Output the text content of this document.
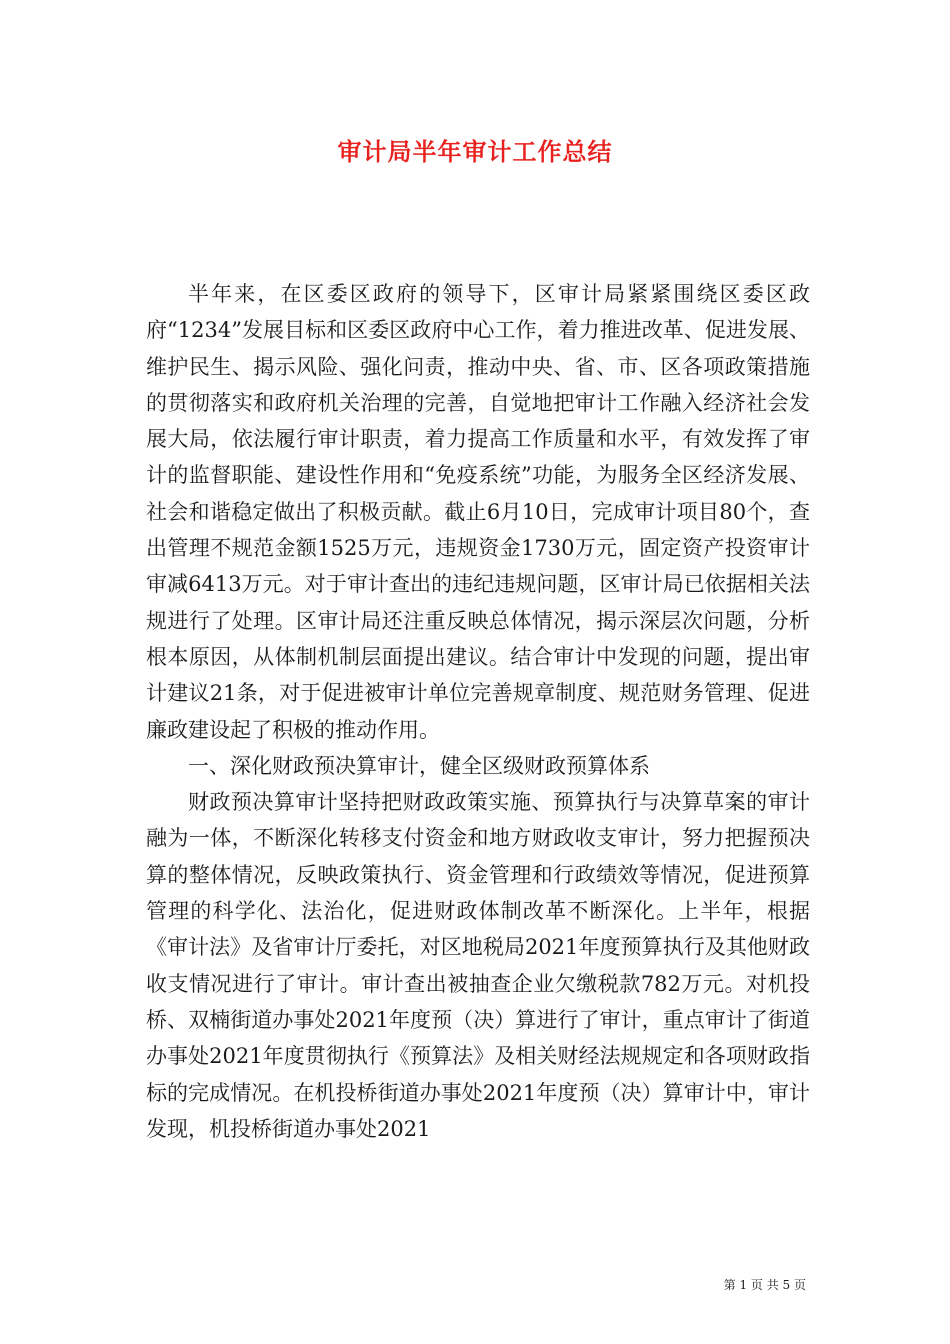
审计局半年审计工作总结

半年来，在区委区政府的领导下，区审计局紧紧围绕区委区政府“1234”发展目标和区委区政府中心工作，着力推进改革、促进发展、维护民生、揭示风险、强化问责，推动中央、省、市、区各项政策措施的贯彻落实和政府机关治理的完善，自觉地把审计工作融入经济社会发展大局，依法履行审计职责，着力提高工作质量和水平，有效发挥了审计的监督职能、建设性作用和“免疫系统”功能，为服务全区经济发展、社会和谐稳定做出了积极贡献。截止6月10日，完成审计项目80个，查出管理不规范金额1525万元，违规资金1730万元，固定资产投资审计审减6413万元。对于审计查出的违纪违规问题，区审计局已依据相关法规进行了处理。区审计局还注重反映总体情况，揭示深层次问题，分析根本原因，从体制机制层面提出建议。结合审计中发现的问题，提出审计建议21条，对于促进被审计单位完善规章制度、规范财务管理、促进廉政建设起了积极的推动作用。

一、深化财政预决算审计，健全区级财政预算体系

财政预决算审计坚持把财政政策实施、预算执行与决算草案的审计融为一体，不断深化转移支付资金和地方财政收支审计，努力把握预决算的整体情况，反映政策执行、资金管理和行政绩效等情况，促进预算管理的科学化、法治化，促进财政体制改革不断深化。上半年，根据《审计法》及省审计厅委托，对区地税局2021年度预算执行及其他财政收支情况进行了审计。审计查出被抽查企业欠缴税款782万元。对机投桥、双楠街道办事处2021年度预（决）算进行了审计，重点审计了街道办事处2021年度贯彻执行《预算法》及相关财经法规规定和各项财政指标的完成情况。在机投桥街道办事处2021年度预（决）算审计中，审计发现，机投桥街道办事处2021

第 1 页 共 5 页
